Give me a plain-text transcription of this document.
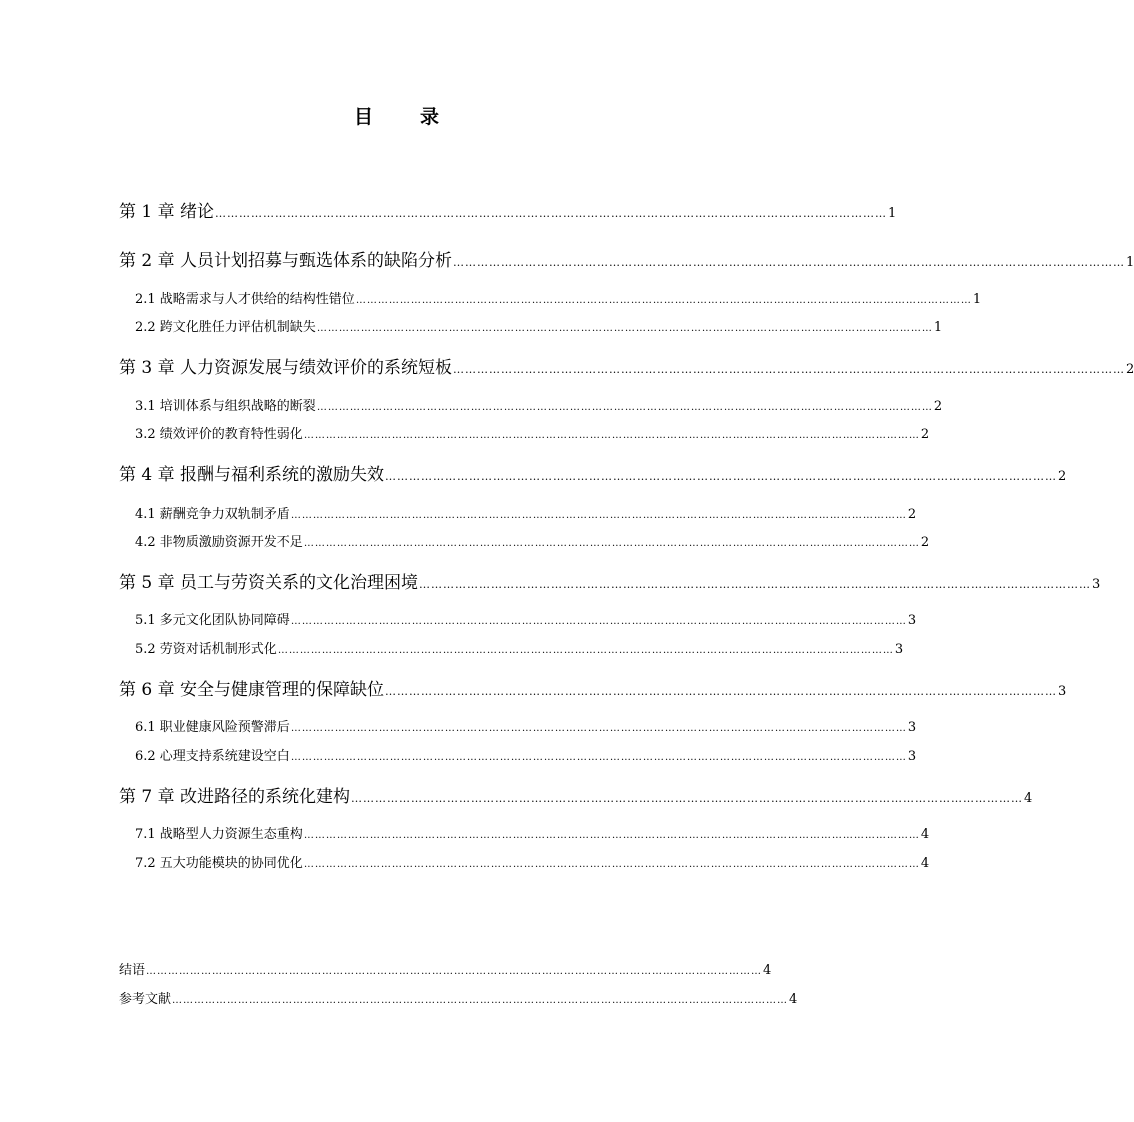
目　录
第 1 章 绪论 …………………………………………………………………………………………………………………………………………………… 1
第 2 章 人员计划招募与甄选体系的缺陷分析 …………………………………………………………………………………………………………………………………………………… 1
2.1 战略需求与人才供给的结构性错位 …………………………………………………………………………………………………………………………………………………… 1
2.2 跨文化胜任力评估机制缺失 …………………………………………………………………………………………………………………………………………………… 1
第 3 章 人力资源发展与绩效评价的系统短板 …………………………………………………………………………………………………………………………………………………… 2
3.1 培训体系与组织战略的断裂 …………………………………………………………………………………………………………………………………………………… 2
3.2 绩效评价的教育特性弱化 …………………………………………………………………………………………………………………………………………………… 2
第 4 章 报酬与福利系统的激励失效 …………………………………………………………………………………………………………………………………………………… 2
4.1 薪酬竞争力双轨制矛盾 …………………………………………………………………………………………………………………………………………………… 2
4.2 非物质激励资源开发不足 …………………………………………………………………………………………………………………………………………………… 2
第 5 章 员工与劳资关系的文化治理困境 …………………………………………………………………………………………………………………………………………………… 3
5.1 多元文化团队协同障碍 …………………………………………………………………………………………………………………………………………………… 3
5.2 劳资对话机制形式化 …………………………………………………………………………………………………………………………………………………… 3
第 6 章 安全与健康管理的保障缺位 …………………………………………………………………………………………………………………………………………………… 3
6.1 职业健康风险预警滞后 …………………………………………………………………………………………………………………………………………………… 3
6.2 心理支持系统建设空白 …………………………………………………………………………………………………………………………………………………… 3
第 7 章 改进路径的系统化建构 …………………………………………………………………………………………………………………………………………………… 4
7.1 战略型人力资源生态重构 …………………………………………………………………………………………………………………………………………………… 4
7.2 五大功能模块的协同优化 …………………………………………………………………………………………………………………………………………………… 4
结语 …………………………………………………………………………………………………………………………………………………… 4
参考文献 …………………………………………………………………………………………………………………………………………………… 4
